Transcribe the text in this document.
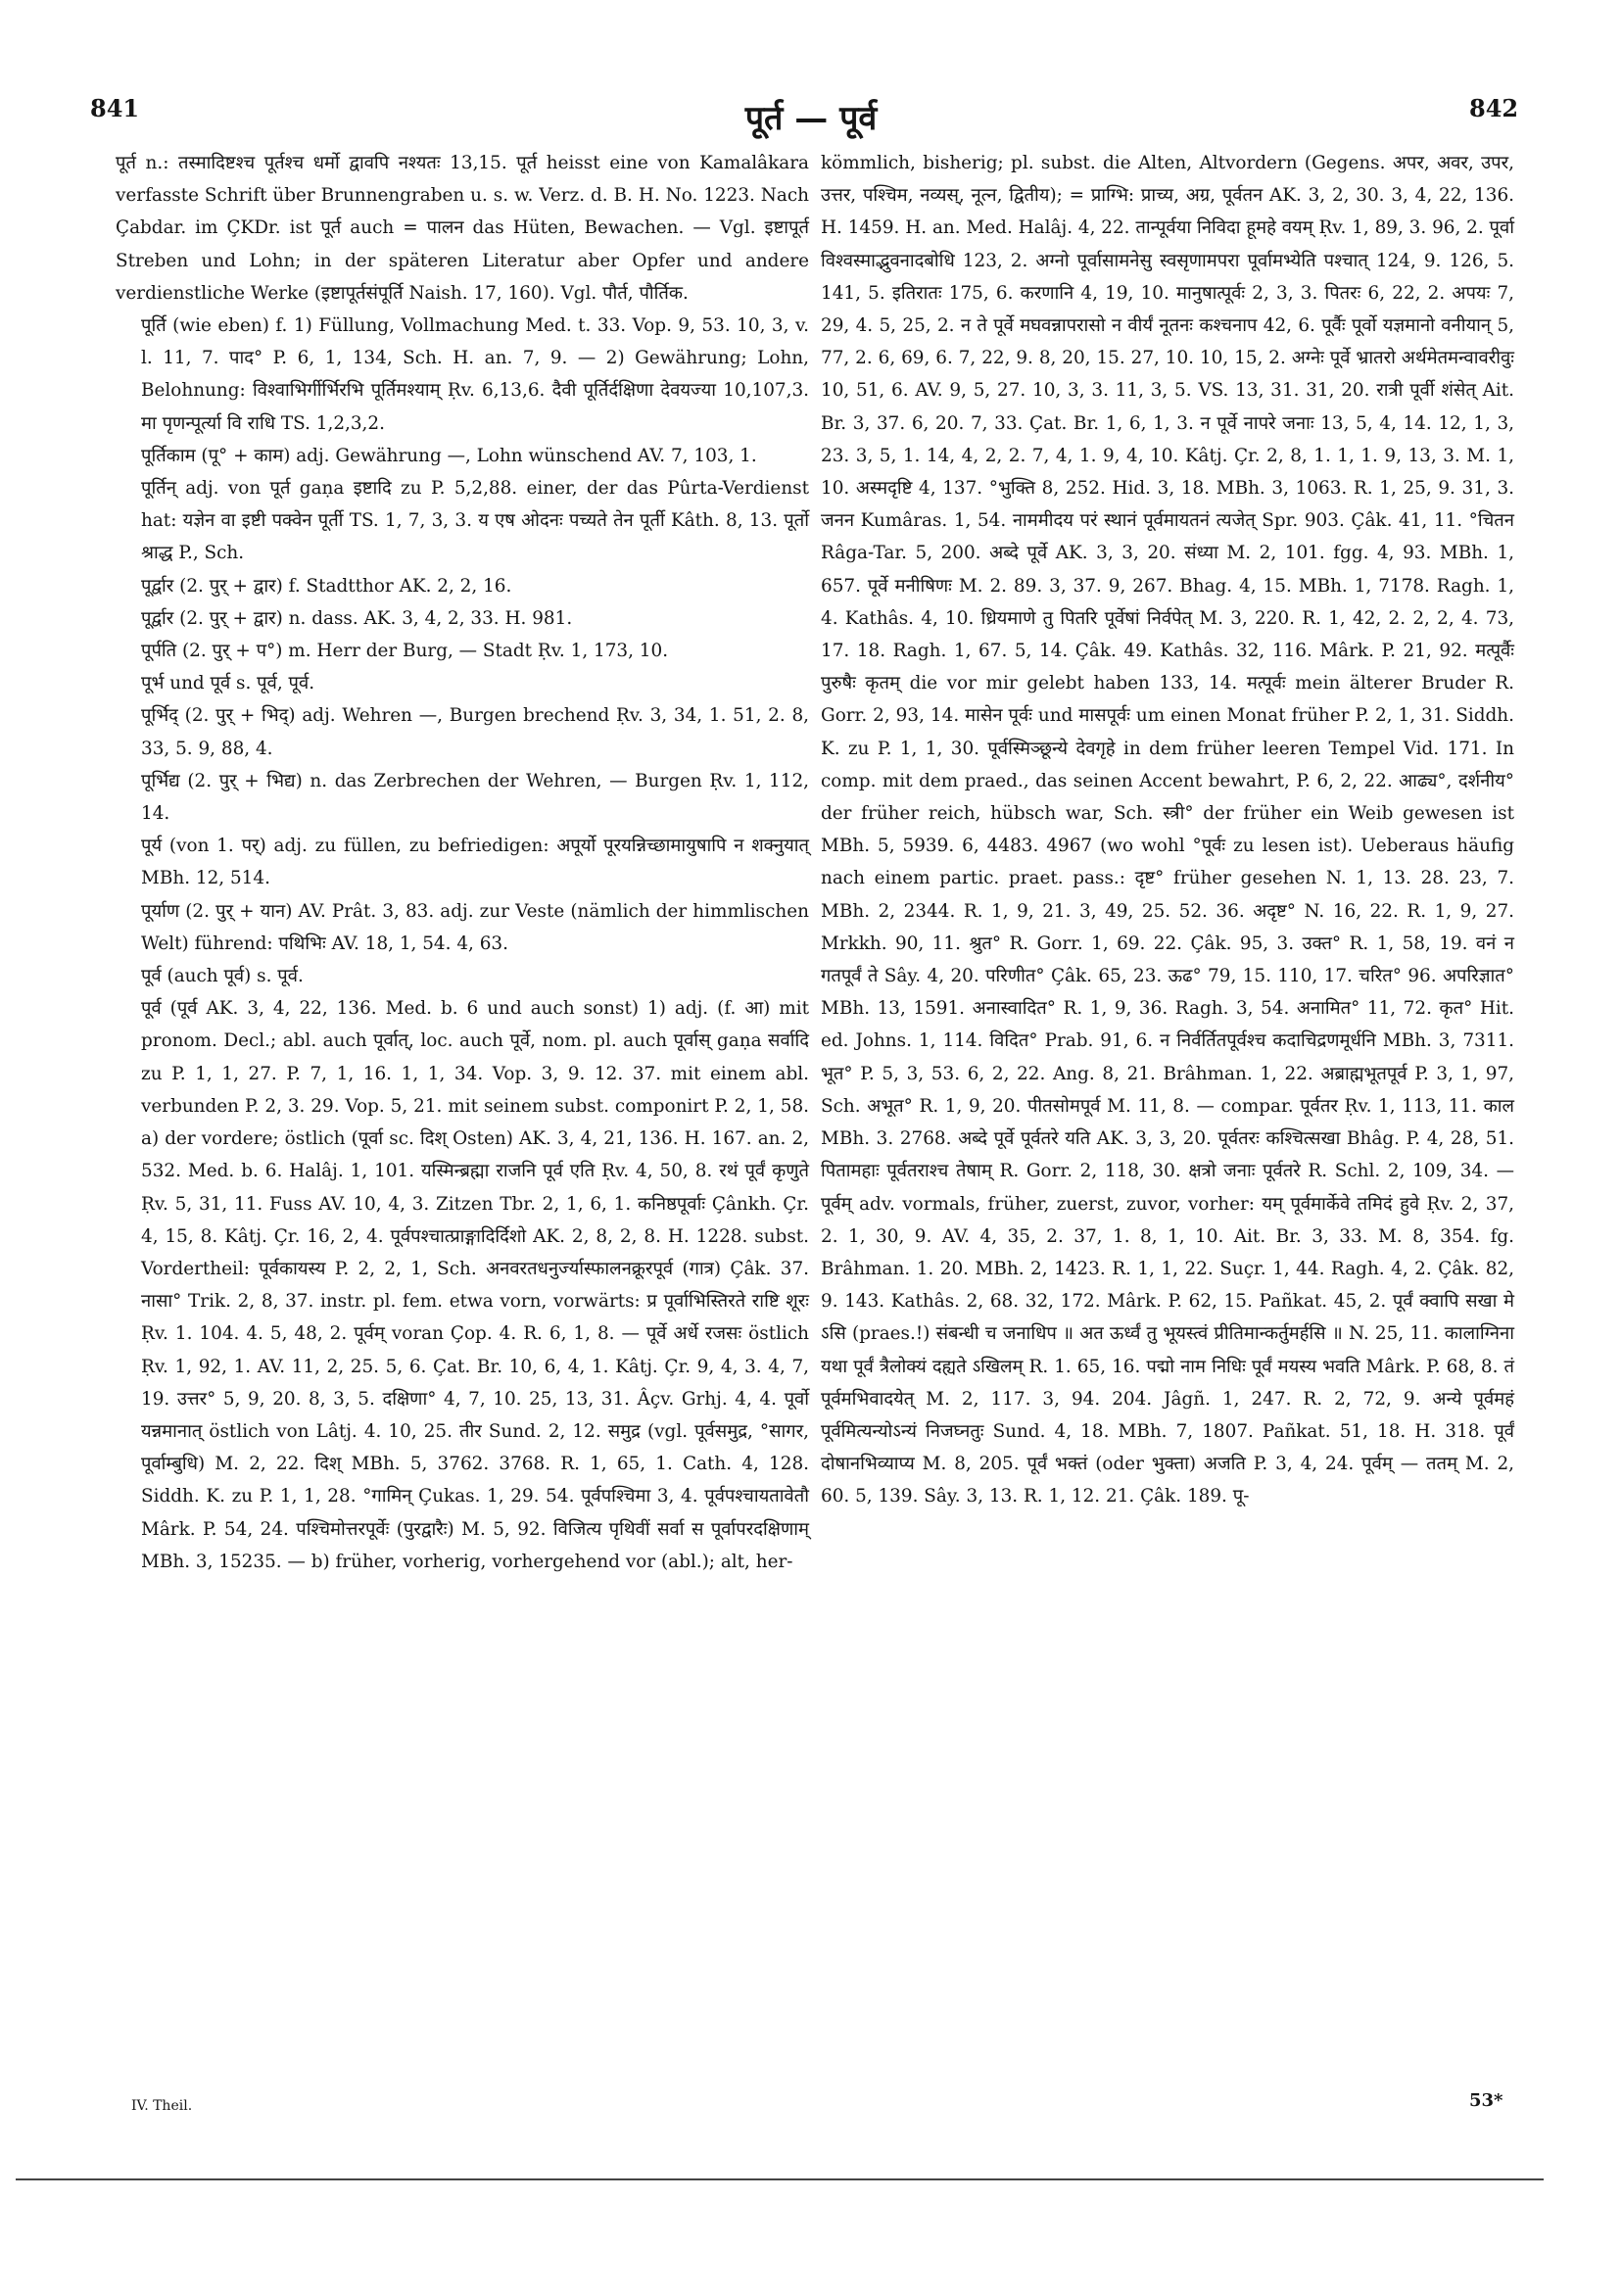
841	पूर्त — पूर्व	842

पूर्त n.: तस्मादिष्टश्च पूर्तश्च धर्मो द्वावपि नश्यतः 13,15. पूर्त heisst eine von Kamalâkara verfasste Schrift über Brunnengraben u. s. w. Verz. d. B. H. No. 1223. Nach Çabdar. im ÇKDr. ist पूर्त auch = पालन das Hüten, Bewachen. — Vgl. इष्टापूर्त Streben und Lohn; in der späteren Literatur aber Opfer und andere verdienstliche Werke (इष्टापूर्तसंपूर्ति Naish. 17, 160). Vgl. पौर्त, पौर्तिक.

पूर्ति (wie eben) f. 1) Füllung, Vollmachung Med. t. 33. Vop. 9, 53. 10, 3, v. l. 11, 7. पाद° P. 6, 1, 134, Sch. H. an. 7, 9. — 2) Gewährung; Lohn, Belohnung: विश्वाभिर्गीर्भिरभि पूर्तिमश्याम् Ṛv. 6,13,6. दैवी पूर्तिर्दक्षिणा देवयज्या 10,107,3. मा पृणन्पूर्त्या वि राधि TS. 1,2,3,2.

पूर्तिकाम (पू° + काम) adj. Gewährung —, Lohn wünschend AV. 7, 103, 1.

पूर्तिन् adj. von पूर्त gaṇa इष्टादि zu P. 5,2,88. einer, der das Pûrta-Verdienst hat: यज्ञेन वा इष्टी पक्वेन पूर्ती TS. 1, 7, 3, 3. य एष ओदनः पच्यते तेन पूर्ती Kâth. 8, 13. पूर्तो श्राद्ध P., Sch.

पूर्द्वार (2. पुर् + द्वार) f. Stadtthor AK. 2, 2, 16.

पूर्द्वार (2. पुर् + द्वार) n. dass. AK. 3, 4, 2, 33. H. 981.

पूर्पति (2. पुर् + प°) m. Herr der Burg, — Stadt Ṛv. 1, 173, 10.

पूर्भ und पूर्व s. पूर्व, पूर्व.

पूर्भिद् (2. पुर् + भिद्) adj. Wehren —, Burgen brechend Ṛv. 3, 34, 1. 51, 2. 8, 33, 5. 9, 88, 4.

पूर्भिद्य (2. पुर् + भिद्य) n. das Zerbrechen der Wehren, — Burgen Ṛv. 1, 112, 14.

पूर्य (von 1. पर्) adj. zu füllen, zu befriedigen: अपूर्यो पूरयन्निच्छामायुषापि न शक्नुयात् MBh. 12, 514.

पूर्याण (2. पुर् + यान) AV. Prât. 3, 83. adj. zur Veste (nämlich der himmlischen Welt) führend: पथिभिः AV. 18, 1, 54. 4, 63.

पूर्व (auch पूर्व) s. पूर्व.

पूर्व (पूर्व AK. 3, 4, 22, 136. Med. b. 6 und auch sonst) 1) adj. (f. आ) mit pronom. Decl.; abl. auch पूर्वात्, loc. auch पूर्वे, nom. pl. auch पूर्वास् gaṇa सर्वादि zu P. 1, 1, 27. P. 7, 1, 16. 1, 1, 34. Vop. 3, 9. 12. 37. mit einem abl. verbunden P. 2, 3. 29. Vop. 5, 21. mit seinem subst. componirt P. 2, 1, 58. a) der vordere; östlich (पूर्वा sc. दिश् Osten) AK. 3, 4, 21, 136. H. 167. an. 2, 532. Med. b. 6. Halâj. 1, 101. यस्मिन्ब्रह्मा राजनि पूर्व एति Ṛv. 4, 50, 8. रथं पूर्वं कृणुते Ṛv. 5, 31, 11. Fuss AV. 10, 4, 3. Zitzen Tbr. 2, 1, 6, 1. कनिष्ठपूर्वाः Çânkh. Çr. 4, 15, 8. Kâtj. Çr. 16, 2, 4. पूर्वपश्चात्प्राङ्गादिर्दिशो AK. 2, 8, 2, 8. H. 1228. subst. Vordertheil: पूर्वकायस्य P. 2, 2, 1, Sch. अनवरतधनुर्ज्यास्फालनक्रूरपूर्व (गात्र) Çâk. 37. नासा° Trik. 2, 8, 37. instr. pl. fem. etwa vorn, vorwärts: प्र पूर्वाभिस्तिरते राष्टि शूरः Ṛv. 1. 104. 4. 5, 48, 2. पूर्वम् voran Çop. 4. R. 6, 1, 8. — पूर्वे अर्धे रजसः östlich Ṛv. 1, 92, 1. AV. 11, 2, 25. 5, 6. Çat. Br. 10, 6, 4, 1. Kâtj. Çr. 9, 4, 3. 4, 7, 19. उत्तर° 5, 9, 20. 8, 3, 5. दक्षिणा° 4, 7, 10. 25, 13, 31. Âçv. Grhj. 4, 4. पूर्वो यन्नमानात् östlich von Lâtj. 4. 10, 25. तीर Sund. 2, 12. समुद्र (vgl. पूर्वसमुद्र, °सागर, पूर्वाम्बुधि) M. 2, 22. दिश् MBh. 5, 3762. 3768. R. 1, 65, 1. Cath. 4, 128. Siddh. K. zu P. 1, 1, 28. °गामिन् Çukas. 1, 29. 54. पूर्वपश्चिमा 3, 4. पूर्वपश्चायतावेतौ Mârk. P. 54, 24. पश्चिमोत्तरपूर्वेः (पुरद्वारैः) M. 5, 92. विजित्य पृथिवीं सर्वा स पूर्वापरदक्षिणाम् MBh. 3, 15235. — b) früher, vorherig, vorhergehend vor (abl.); alt, her-

kömmlich, bisherig; pl. subst. die Alten, Altvordern (Gegens. अपर, अवर, उपर, उत्तर, पश्चिम, नव्यस्, नूत्न, द्वितीय); = प्राग्भि: प्राच्य, अग्र, पूर्वतन AK. 3, 2, 30. 3, 4, 22, 136. H. 1459. H. an. Med. Halâj. 4, 22. तान्पूर्वया निविदा हूमहे वयम् Ṛv. 1, 89, 3. 96, 2. पूर्वा विश्वस्माद्भुवनादबोधि 123, 2. अग्नो पूर्वासामनेसु स्वसृणामपरा पूर्वामभ्येति पश्चात् 124, 9. 126, 5. 141, 5. इतिरातः 175, 6. करणानि 4, 19, 10. मानुषात्पूर्वः 2, 3, 3. पितरः 6, 22, 2. अपयः 7, 29, 4. 5, 25, 2. न ते पूर्वे मघवन्नापरासो न वीर्यं नूतनः कश्चनाप 42, 6. पूर्वैः पूर्वो यज्ञमानो वनीयान् 5, 77, 2. 6, 69, 6. 7, 22, 9. 8, 20, 15. 27, 10. 10, 15, 2. अग्नेः पूर्वे भ्रातरो अर्थमेतमन्वावरीवुः 10, 51, 6. AV. 9, 5, 27. 10, 3, 3. 11, 3, 5. VS. 13, 31. 31, 20. रात्री पूर्वी शंसेत् Ait. Br. 3, 37. 6, 20. 7, 33. Çat. Br. 1, 6, 1, 3. न पूर्वे नापरे जनाः 13, 5, 4, 14. 12, 1, 3, 23. 3, 5, 1. 14, 4, 2, 2. 7, 4, 1. 9, 4, 10. Kâtj. Çr. 2, 8, 1. 1, 1. 9, 13, 3. M. 1, 10. अस्मदृष्टि 4, 137. °भुक्ति 8, 252. Hid. 3, 18. MBh. 3, 1063. R. 1, 25, 9. 31, 3. जनन Kumâras. 1, 54. नाममीदय परं स्थानं पूर्वमायतनं त्यजेत् Spr. 903. Çâk. 41, 11. °चितन Râga-Tar. 5, 200. अब्दे पूर्वे AK. 3, 3, 20. संध्या M. 2, 101. fgg. 4, 93. MBh. 1, 657. पूर्वे मनीषिणः M. 2. 89. 3, 37. 9, 267. Bhag. 4, 15. MBh. 1, 7178. Ragh. 1, 4. Kathâs. 4, 10. ध्रियमाणे तु पितरि पूर्वेषां निर्वपेत् M. 3, 220. R. 1, 42, 2. 2, 2, 4. 73, 17. 18. Ragh. 1, 67. 5, 14. Çâk. 49. Kathâs. 32, 116. Mârk. P. 21, 92. मत्पूर्वैः पुरुषैः कृतम् die vor mir gelebt haben 133, 14. मत्पूर्वः mein älterer Bruder R. Gorr. 2, 93, 14. मासेन पूर्वः und मासपूर्वः um einen Monat früher P. 2, 1, 31. Siddh. K. zu P. 1, 1, 30. पूर्वस्मिञ्छून्ये देवगृहे in dem früher leeren Tempel Vid. 171. In comp. mit dem praed., das seinen Accent bewahrt, P. 6, 2, 22. आढ्य°, दर्शनीय° der früher reich, hübsch war, Sch. स्त्री° der früher ein Weib gewesen ist MBh. 5, 5939. 6, 4483. 4967 (wo wohl °पूर्वः zu lesen ist). Ueberaus häufig nach einem partic. praet. pass.: दृष्ट° früher gesehen N. 1, 13. 28. 23, 7. MBh. 2, 2344. R. 1, 9, 21. 3, 49, 25. 52. 36. अदृष्ट° N. 16, 22. R. 1, 9, 27. Mrkkh. 90, 11. श्रुत° R. Gorr. 1, 69. 22. Çâk. 95, 3. उक्त° R. 1, 58, 19. वनं न गतपूर्वं ते Sây. 4, 20. परिणीत° Çâk. 65, 23. ऊढ° 79, 15. 110, 17. चरित° 96. अपरिज्ञात° MBh. 13, 1591. अनास्वादित° R. 1, 9, 36. Ragh. 3, 54. अनामित° 11, 72. कृत° Hit. ed. Johns. 1, 114. विदित° Prab. 91, 6. न निर्वर्तितपूर्वश्च कदाचिद्रणमूर्धनि MBh. 3, 7311. भूत° P. 5, 3, 53. 6, 2, 22. Ang. 8, 21. Brâhman. 1, 22. अब्राह्मभूतपूर्व P. 3, 1, 97, Sch. अभूत° R. 1, 9, 20. पीतसोमपूर्व M. 11, 8. — compar. पूर्वतर Ṛv. 1, 113, 11. काल MBh. 3. 2768. अब्दे पूर्वे पूर्वतरे यति AK. 3, 3, 20. पूर्वतरः कश्चित्सखा Bhâg. P. 4, 28, 51. पितामहाः पूर्वतराश्च तेषाम् R. Gorr. 2, 118, 30. क्षत्रो जनाः पूर्वतरे R. Schl. 2, 109, 34. — पूर्वम् adv. vormals, früher, zuerst, zuvor, vorher: यम् पूर्वमार्केवे तमिदं हुवे Ṛv. 2, 37, 2. 1, 30, 9. AV. 4, 35, 2. 37, 1. 8, 1, 10. Ait. Br. 3, 33. M. 8, 354. fg. Brâhman. 1. 20. MBh. 2, 1423. R. 1, 1, 22. Suçr. 1, 44. Ragh. 4, 2. Çâk. 82, 9. 143. Kathâs. 2, 68. 32, 172. Mârk. P. 62, 15. Pañkat. 45, 2. पूर्वं क्वापि सखा मे ऽसि (praes.!) संबन्धी च जनाधिप ॥ अत ऊर्ध्वं तु भूयस्त्वं प्रीतिमान्कर्तुमर्हसि ॥ N. 25, 11. कालाग्निना यथा पूर्वं त्रैलोक्यं दह्यते ऽखिलम् R. 1. 65, 16. पद्मो नाम निधिः पूर्वं मयस्य भवति Mârk. P. 68, 8. तं पूर्वमभिवादयेत् M. 2, 117. 3, 94. 204. Jâgñ. 1, 247. R. 2, 72, 9. अन्ये पूर्वमहं पूर्वमित्यन्योऽन्यं निजघ्नतुः Sund. 4, 18. MBh. 7, 1807. Pañkat. 51, 18. H. 318. पूर्वं दोषानभिव्याप्य M. 8, 205. पूर्वं भक्तं (oder भुक्ता) अजति P. 3, 4, 24. पूर्वम् — ततम् M. 2, 60. 5, 139. Sây. 3, 13. R. 1, 12. 21. Çâk. 189. पू-

IV. Theil.	53*
